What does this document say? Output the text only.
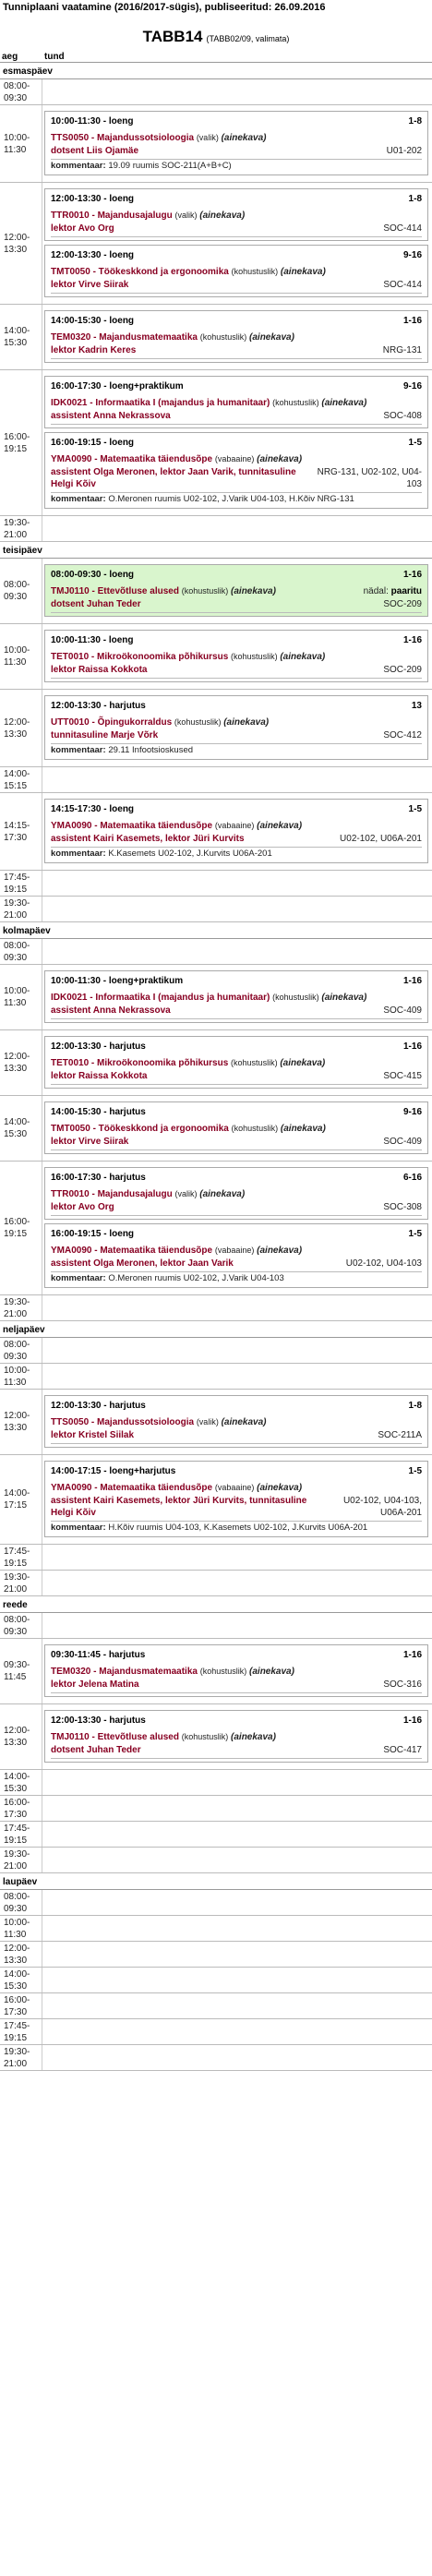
Tunniplaani vaatamine (2016/2017-sügis), publiseeritud: 26.09.2016
TABB14 (TABB02/09, valimata)
aeg	tund
esmaspäev
08:00-09:30
10:00-11:30
10:00-11:30 - loeng	1-8
TTS0050 - Majandussotsioloogia (valik) (ainekava)
dotsent Liis Ojamäe	U01-202
kommentaar: 19.09 ruumis SOC-211(A+B+C)
12:00-13:30
12:00-13:30 - loeng	1-8
TTR0010 - Majandusajalugu (valik) (ainekava)
lektor Avo Org	SOC-414
12:00-13:30 - loeng	9-16
TMT0050 - Töökeskkond ja ergonoomika (kohustuslik) (ainekava)
lektor Virve Siirak	SOC-414
14:00-15:30
14:00-15:30 - loeng	1-16
TEM0320 - Majandusmatemaatika (kohustuslik) (ainekava)
lektor Kadrin Keres	NRG-131
16:00-19:15
16:00-17:30 - loeng+praktikum	9-16
IDK0021 - Informaatika I (majandus ja humanitaar) (kohustuslik) (ainekava)
assistent Anna Nekrassova	SOC-408
16:00-19:15 - loeng	1-5
YMA0090 - Matemaatika täiendusõpe (vabaaine) (ainekava)
assistent Olga Meronen, lektor Jaan Varik, tunnitasuline Helgi Kõiv
NRG-131, U02-102, U04-103
kommentaar: O.Meronen ruumis U02-102, J.Varik U04-103, H.Kõiv NRG-131
19:30-21:00
teisipäev
08:00-09:30
08:00-09:30 - loeng	1-16
TMJ0110 - Ettevõtluse alused (kohustuslik) (ainekava)	nädal: paaritu
dotsent Juhan Teder	SOC-209
10:00-11:30
10:00-11:30 - loeng	1-16
TET0010 - Mikroökonoomika põhikursus (kohustuslik) (ainekava)
lektor Raissa Kokkota	SOC-209
12:00-13:30
12:00-13:30 - harjutus	13
UTT0010 - Õpingukorraldus (kohustuslik) (ainekava)
tunnitasuline Marje Võrk	SOC-412
kommentaar: 29.11 Infootsioskused
14:00-15:15
14:15-17:30
14:15-17:30 - loeng	1-5
YMA0090 - Matemaatika täiendusõpe (vabaaine) (ainekava)
assistent Kairi Kasemets, lektor Jüri Kurvits	U02-102, U06A-201
kommentaar: K.Kasemets U02-102, J.Kurvits U06A-201
17:45-19:15
19:30-21:00
kolmapäev
08:00-09:30
10:00-11:30
10:00-11:30 - loeng+praktikum	1-16
IDK0021 - Informaatika I (majandus ja humanitaar) (kohustuslik) (ainekava)
assistent Anna Nekrassova	SOC-409
12:00-13:30
12:00-13:30 - harjutus	1-16
TET0010 - Mikroökonoomika põhikursus (kohustuslik) (ainekava)
lektor Raissa Kokkota	SOC-415
14:00-15:30
14:00-15:30 - harjutus	9-16
TMT0050 - Töökeskkond ja ergonoomika (kohustuslik) (ainekava)
lektor Virve Siirak	SOC-409
16:00-19:15
16:00-17:30 - harjutus	6-16
TTR0010 - Majandusajalugu (valik) (ainekava)
lektor Avo Org	SOC-308
16:00-19:15 - loeng	1-5
YMA0090 - Matemaatika täiendusõpe (vabaaine) (ainekava)
assistent Olga Meronen, lektor Jaan Varik	U02-102, U04-103
kommentaar: O.Meronen ruumis U02-102, J.Varik U04-103
19:30-21:00
neljapäev
08:00-09:30
10:00-11:30
12:00-13:30
12:00-13:30 - harjutus	1-8
TTS0050 - Majandussotsioloogia (valik) (ainekava)
lektor Kristel Siilak	SOC-211A
14:00-17:15
14:00-17:15 - loeng+harjutus	1-5
YMA0090 - Matemaatika täiendusõpe (vabaaine) (ainekava)
assistent Kairi Kasemets, lektor Jüri Kurvits, tunnitasuline Helgi Kõiv
U02-102, U04-103, U06A-201
kommentaar: H.Kõiv ruumis U04-103, K.Kasemets U02-102, J.Kurvits U06A-201
17:45-19:15
19:30-21:00
reede
08:00-09:30
09:30-11:45
09:30-11:45 - harjutus	1-16
TEM0320 - Majandusmatemaatika (kohustuslik) (ainekava)
lektor Jelena Matina	SOC-316
12:00-13:30
12:00-13:30 - harjutus	1-16
TMJ0110 - Ettevõtluse alused (kohustuslik) (ainekava)
dotsent Juhan Teder	SOC-417
14:00-15:30
16:00-17:30
17:45-19:15
19:30-21:00
laupäev
08:00-09:30
10:00-11:30
12:00-13:30
14:00-15:30
16:00-17:30
17:45-19:15
19:30-21:00
